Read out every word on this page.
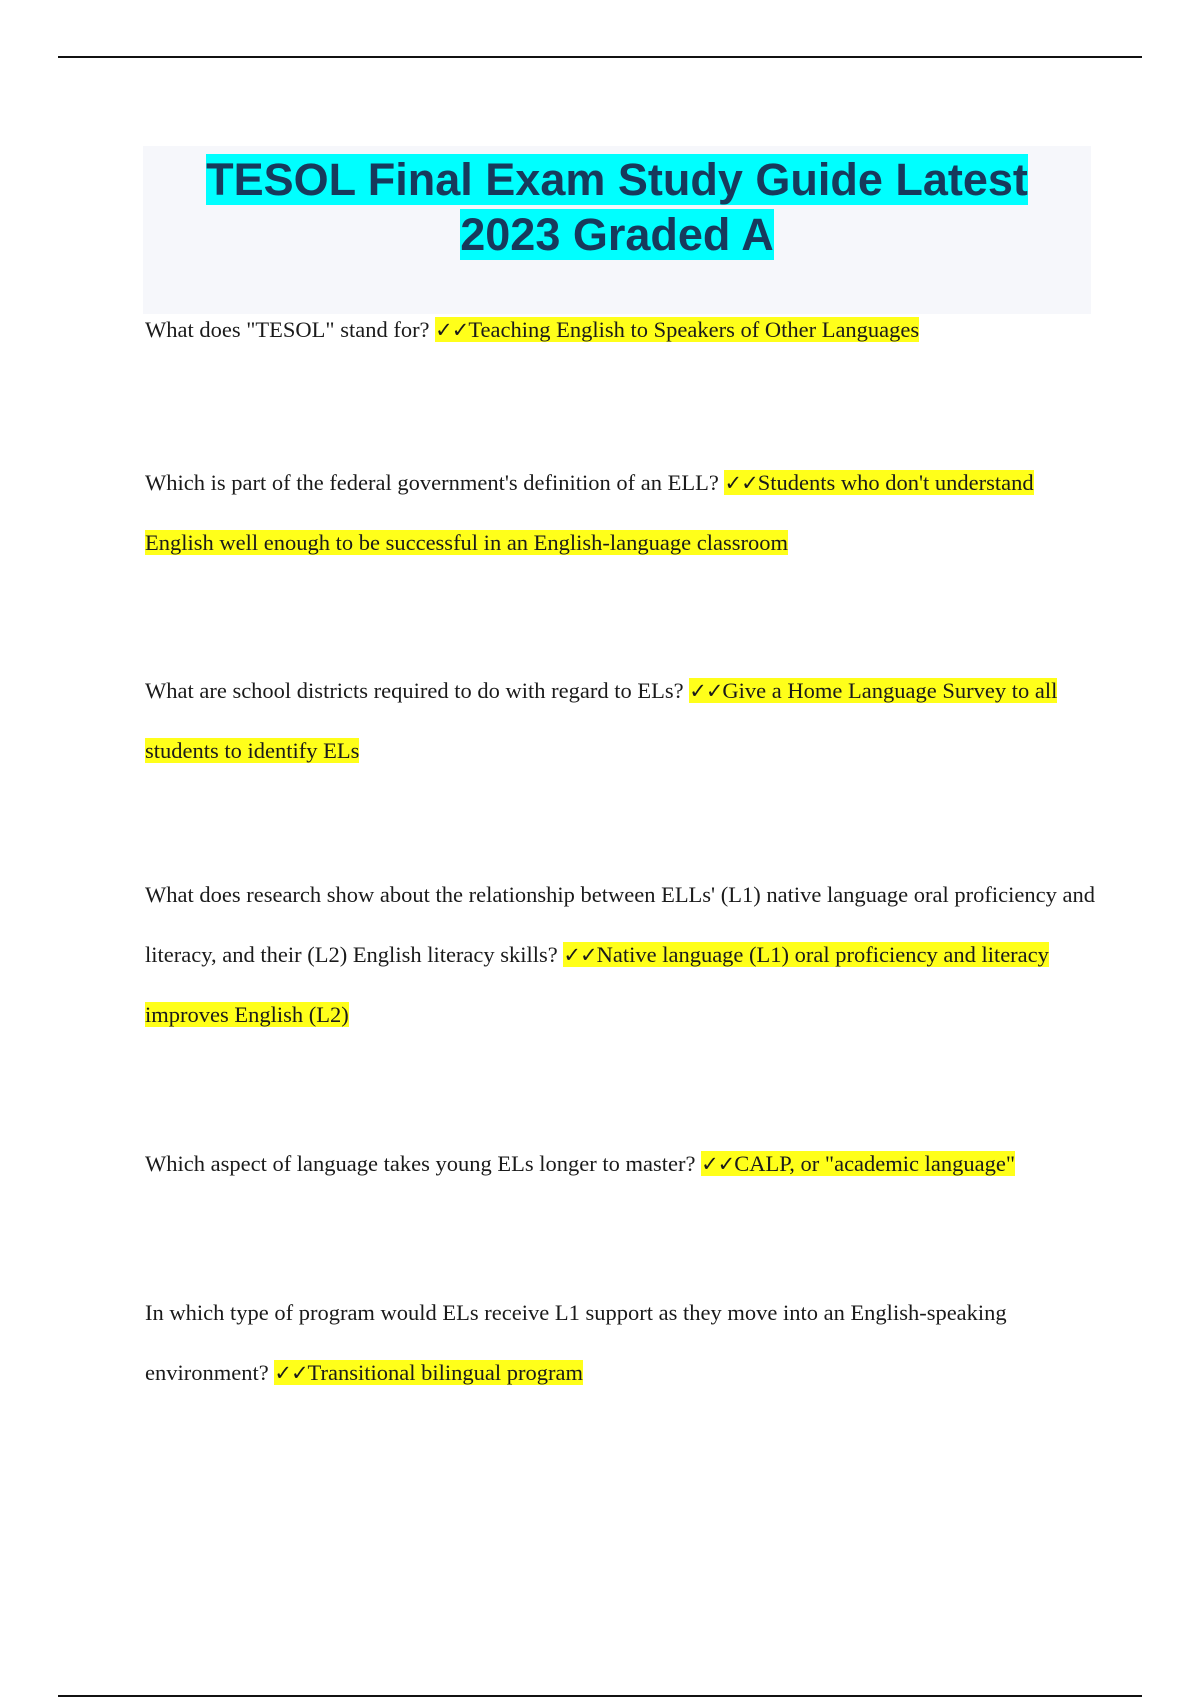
TESOL Final Exam Study Guide Latest 2023 Graded A

What does "TESOL" stand for? ✓✓Teaching English to Speakers of Other Languages

Which is part of the federal government's definition of an ELL? ✓✓Students who don't understand English well enough to be successful in an English-language classroom

What are school districts required to do with regard to ELs? ✓✓Give a Home Language Survey to all students to identify ELs

What does research show about the relationship between ELLs' (L1) native language oral proficiency and literacy, and their (L2) English literacy skills? ✓✓Native language (L1) oral proficiency and literacy improves English (L2)

Which aspect of language takes young ELs longer to master? ✓✓CALP, or "academic language"

In which type of program would ELs receive L1 support as they move into an English-speaking environment? ✓✓Transitional bilingual program
